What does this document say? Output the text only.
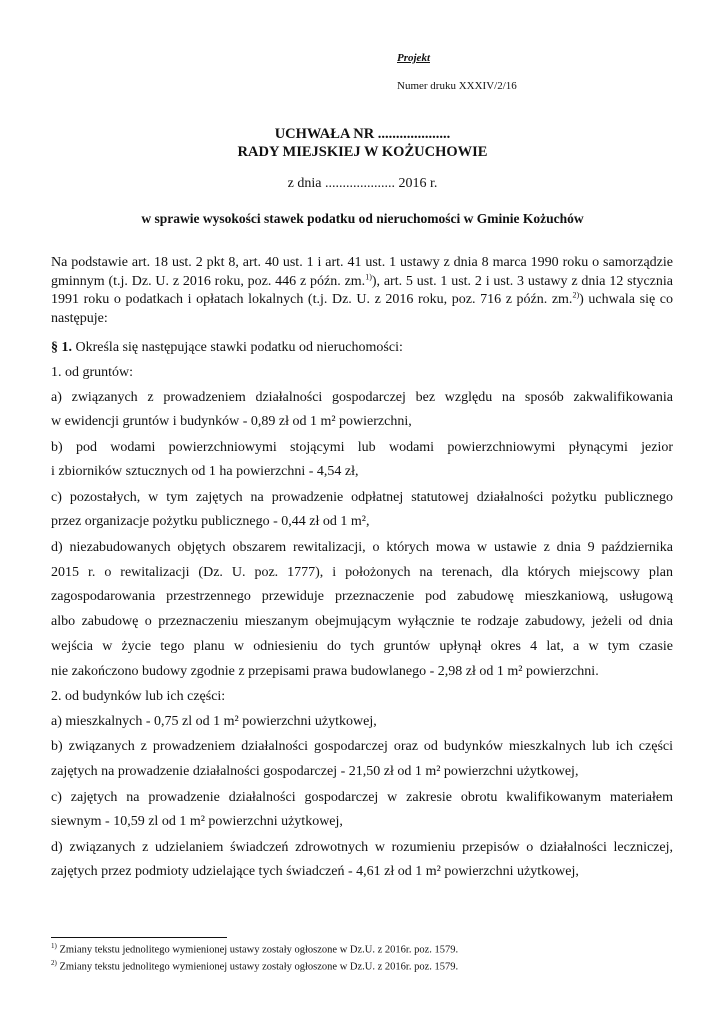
Projekt
Numer druku XXXIV/2/16
UCHWAŁA NR ....................
RADY MIEJSKIEJ W KOŻUCHOWIE
z dnia .................... 2016 r.
w sprawie wysokości stawek podatku od nieruchomości w Gminie Kożuchów
Na podstawie art. 18 ust. 2 pkt 8, art. 40 ust. 1 i art. 41 ust. 1 ustawy z dnia 8 marca 1990 roku o samorządzie gminnym (t.j. Dz. U. z 2016 roku, poz. 446 z późn. zm.$^{1)}$), art. 5 ust. 1 ust. 2 i ust. 3 ustawy z dnia 12 stycznia 1991 roku o podatkach i opłatach lokalnych (t.j. Dz. U. z 2016 roku, poz. 716 z późn. zm.$^{2)}$) uchwala się co następuje:
§ 1. Określa się następujące stawki podatku od nieruchomości:
1. od gruntów:
a) związanych z prowadzeniem działalności gospodarczej bez względu na sposób zakwalifikowania
w ewidencji gruntów i budynków - 0,89 zł od 1 m² powierzchni,
b) pod wodami powierzchniowymi stojącymi lub wodami powierzchniowymi płynącymi jezior
i zbiorników sztucznych od 1 ha powierzchni - 4,54 zł,
c) pozostałych, w tym zajętych na prowadzenie odpłatnej statutowej działalności pożytku publicznego
przez organizacje pożytku publicznego - 0,44 zł od 1 m²,
d) niezabudowanych objętych obszarem rewitalizacji, o których mowa w ustawie z dnia 9 października
2015 r. o rewitalizacji (Dz. U. poz. 1777), i położonych na terenach, dla których miejscowy plan
zagospodarowania przestrzennego przewiduje przeznaczenie pod zabudowę mieszkaniową, usługową
albo zabudowę o przeznaczeniu mieszanym obejmującym wyłącznie te rodzaje zabudowy, jeżeli od dnia
wejścia w życie tego planu w odniesieniu do tych gruntów upłynął okres 4 lat, a w tym czasie
nie zakończono budowy zgodnie z przepisami prawa budowlanego - 2,98 zł od 1 m² powierzchni.
2. od budynków lub ich części:
a) mieszkalnych - 0,75 zl od 1 m² powierzchni użytkowej,
b) związanych z prowadzeniem działalności gospodarczej oraz od budynków mieszkalnych lub ich części
zajętych na prowadzenie działalności gospodarczej - 21,50 zł od 1 m² powierzchni użytkowej,
c) zajętych na prowadzenie działalności gospodarczej w zakresie obrotu kwalifikowanym materiałem
siewnym - 10,59 zl od 1 m² powierzchni użytkowej,
d) związanych z udzielaniem świadczeń zdrowotnych w rozumieniu przepisów o działalności leczniczej,
zajętych przez podmioty udzielające tych świadczeń - 4,61 zł od 1 m² powierzchni użytkowej,
$^{1)}$ Zmiany tekstu jednolitego wymienionej ustawy zostały ogłoszone w Dz.U. z 2016r. poz. 1579.
$^{2)}$ Zmiany tekstu jednolitego wymienionej ustawy zostały ogłoszone w Dz.U. z 2016r. poz. 1579.
